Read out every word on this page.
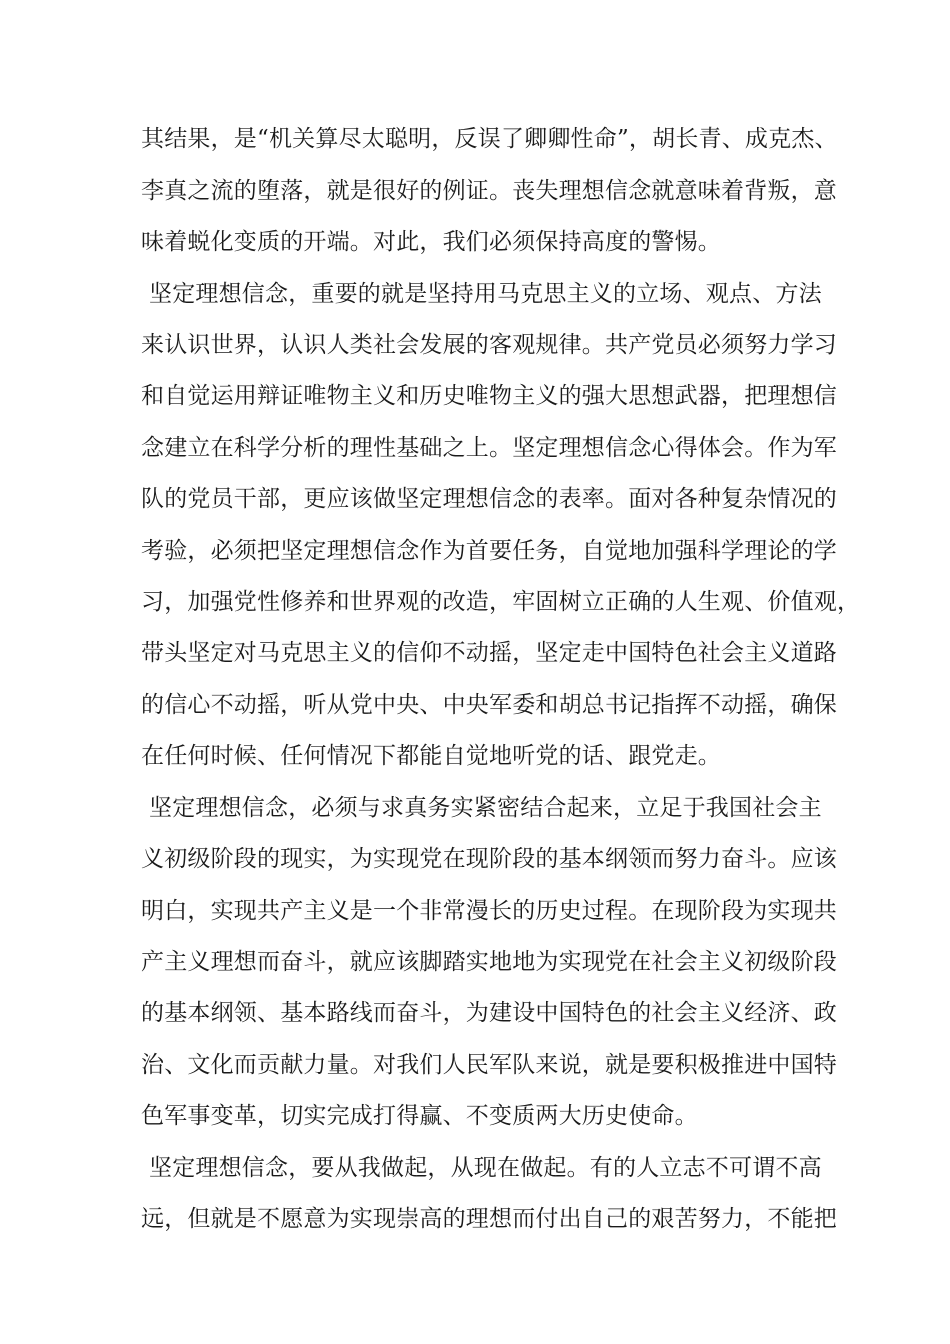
其结果，是“机关算尽太聪明，反误了卿卿性命”，胡长青、成克杰、
李真之流的堕落，就是很好的例证。丧失理想信念就意味着背叛，意
味着蜕化变质的开端。对此，我们必须保持高度的警惕。
坚定理想信念，重要的就是坚持用马克思主义的立场、观点、方法
来认识世界，认识人类社会发展的客观规律。共产党员必须努力学习
和自觉运用辩证唯物主义和历史唯物主义的强大思想武器，把理想信
念建立在科学分析的理性基础之上。坚定理想信念心得体会。作为军
队的党员干部，更应该做坚定理想信念的表率。面对各种复杂情况的
考验，必须把坚定理想信念作为首要任务，自觉地加强科学理论的学
习，加强党性修养和世界观的改造，牢固树立正确的人生观、价值观，
带头坚定对马克思主义的信仰不动摇，坚定走中国特色社会主义道路
的信心不动摇，听从党中央、中央军委和胡总书记指挥不动摇，确保
在任何时候、任何情况下都能自觉地听党的话、跟党走。
坚定理想信念，必须与求真务实紧密结合起来，立足于我国社会主
义初级阶段的现实，为实现党在现阶段的基本纲领而努力奋斗。应该
明白，实现共产主义是一个非常漫长的历史过程。在现阶段为实现共
产主义理想而奋斗，就应该脚踏实地地为实现党在社会主义初级阶段
的基本纲领、基本路线而奋斗，为建设中国特色的社会主义经济、政
治、文化而贡献力量。对我们人民军队来说，就是要积极推进中国特
色军事变革，切实完成打得赢、不变质两大历史使命。
坚定理想信念，要从我做起，从现在做起。有的人立志不可谓不高
远，但就是不愿意为实现崇高的理想而付出自己的艰苦努力，不能把
